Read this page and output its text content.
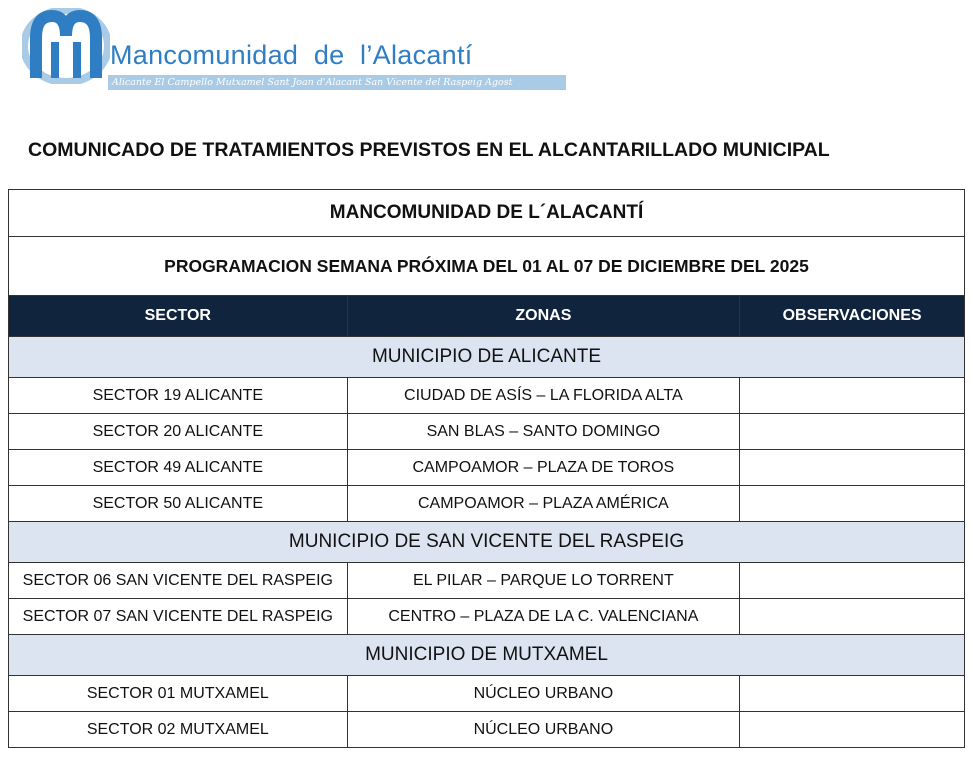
Mancomunidad  de  l’Alacantí
Alicante El Campello Mutxamel Sant Joan d'Alacant San Vicente del Raspeig Agost
COMUNICADO DE TRATAMIENTOS PREVISTOS EN EL ALCANTARILLADO MUNICIPAL
MANCOMUNIDAD DE L´ALACANTÍ		
PROGRAMACION SEMANA PRÓXIMA DEL 01 AL 07 DE DICIEMBRE DEL 2025		
SECTOR	ZONAS	OBSERVACIONES
MUNICIPIO DE ALICANTE		
SECTOR 19 ALICANTE	CIUDAD DE ASÍS – LA FLORIDA ALTA	
SECTOR 20 ALICANTE	SAN BLAS – SANTO DOMINGO	
SECTOR 49 ALICANTE	CAMPOAMOR – PLAZA DE TOROS	
SECTOR 50 ALICANTE	CAMPOAMOR – PLAZA AMÉRICA	
MUNICIPIO DE SAN VICENTE DEL RASPEIG		
SECTOR 06 SAN VICENTE DEL RASPEIG	EL PILAR – PARQUE LO TORRENT	
SECTOR 07 SAN VICENTE DEL RASPEIG	CENTRO – PLAZA DE LA C. VALENCIANA	
MUNICIPIO DE MUTXAMEL		
SECTOR 01 MUTXAMEL	NÚCLEO URBANO	
SECTOR 02 MUTXAMEL	NÚCLEO URBANO	
